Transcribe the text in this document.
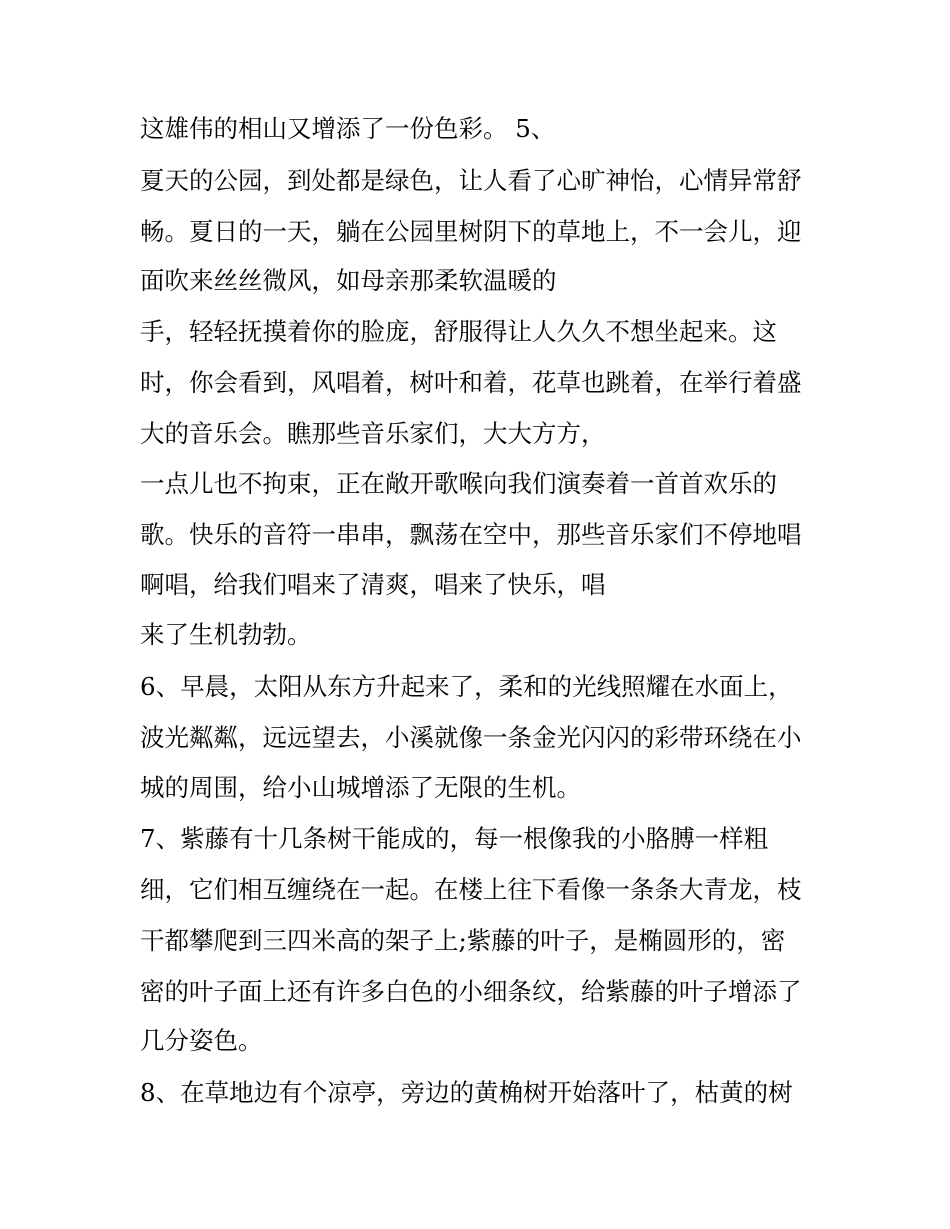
这雄伟的相山又增添了一份色彩。 5、
夏天的公园，到处都是绿色，让人看了心旷神怡，心情异常舒
畅。夏日的一天，躺在公园里树阴下的草地上，不一会儿，迎
面吹来丝丝微风，如母亲那柔软温暖的
手，轻轻抚摸着你的脸庞，舒服得让人久久不想坐起来。这
时，你会看到，风唱着，树叶和着，花草也跳着，在举行着盛
大的音乐会。瞧那些音乐家们，大大方方，
一点儿也不拘束，正在敞开歌喉向我们演奏着一首首欢乐的
歌。快乐的音符一串串，飘荡在空中，那些音乐家们不停地唱
啊唱，给我们唱来了清爽，唱来了快乐，唱
来了生机勃勃。
6、早晨，太阳从东方升起来了，柔和的光线照耀在水面上，
波光粼粼，远远望去，小溪就像一条金光闪闪的彩带环绕在小
城的周围，给小山城增添了无限的生机。
7、紫藤有十几条树干能成的，每一根像我的小胳膊一样粗
细，它们相互缠绕在一起。在楼上往下看像一条条大青龙，枝
干都攀爬到三四米高的架子上;紫藤的叶子，是椭圆形的，密
密的叶子面上还有许多白色的小细条纹，给紫藤的叶子增添了
几分姿色。
8、在草地边有个凉亭，旁边的黄桷树开始落叶了，枯黄的树
